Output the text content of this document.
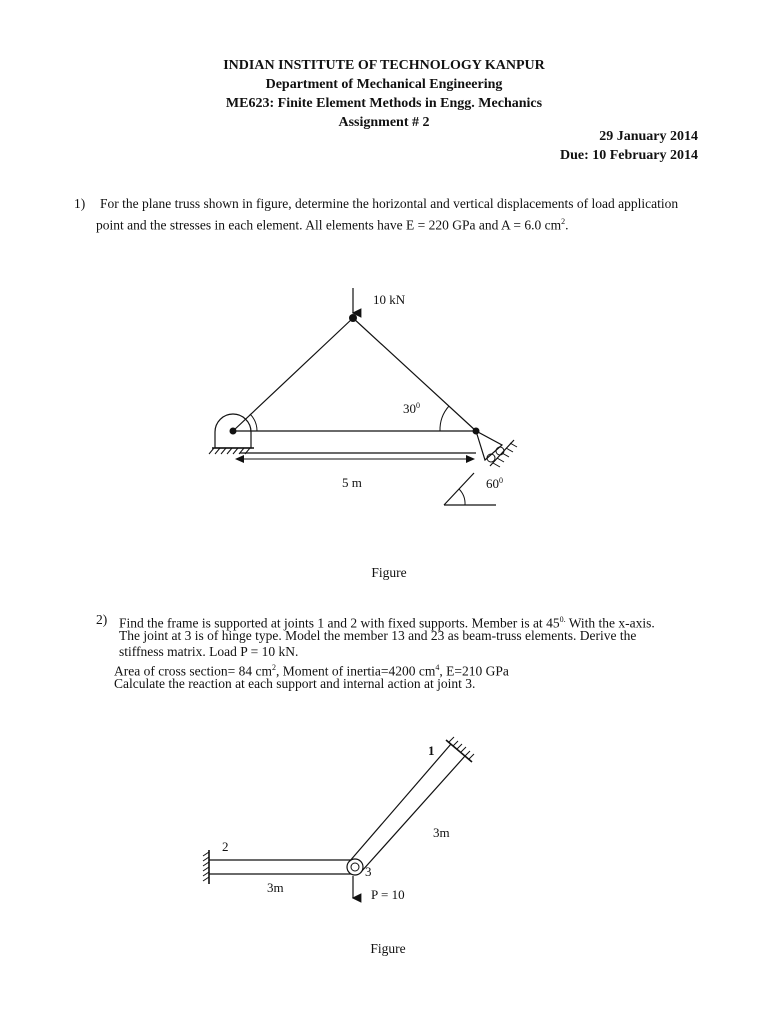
INDIAN INSTITUTE OF TECHNOLOGY KANPUR
Department of Mechanical Engineering
ME623: Finite Element Methods in Engg. Mechanics
Assignment # 2
29 January 2014
Due: 10 February 2014
1) For the plane truss shown in figure, determine the horizontal and vertical displacements of load application
point and the stresses in each element. All elements have E = 220 GPa and A = 6.0 $cm^2$.
10 kN
$30^0$
5 m	$60^0$
Figure
2) Find the frame is supported at joints 1 and 2 with fixed supports. Member is at $45^{0.}$ With the x-axis.
The joint at 3 is of hinge type. Model the member 13 and 23 as beam-truss elements. Derive the
stiffness matrix. Load P = 10 kN.
Area of cross section= 84 $cm^2$, Moment of inertia=4200 $cm^4$, E=210 GPa
Calculate the reaction at each support and internal action at joint 3.
1
2
3
3m
3m	P = 10
Figure
